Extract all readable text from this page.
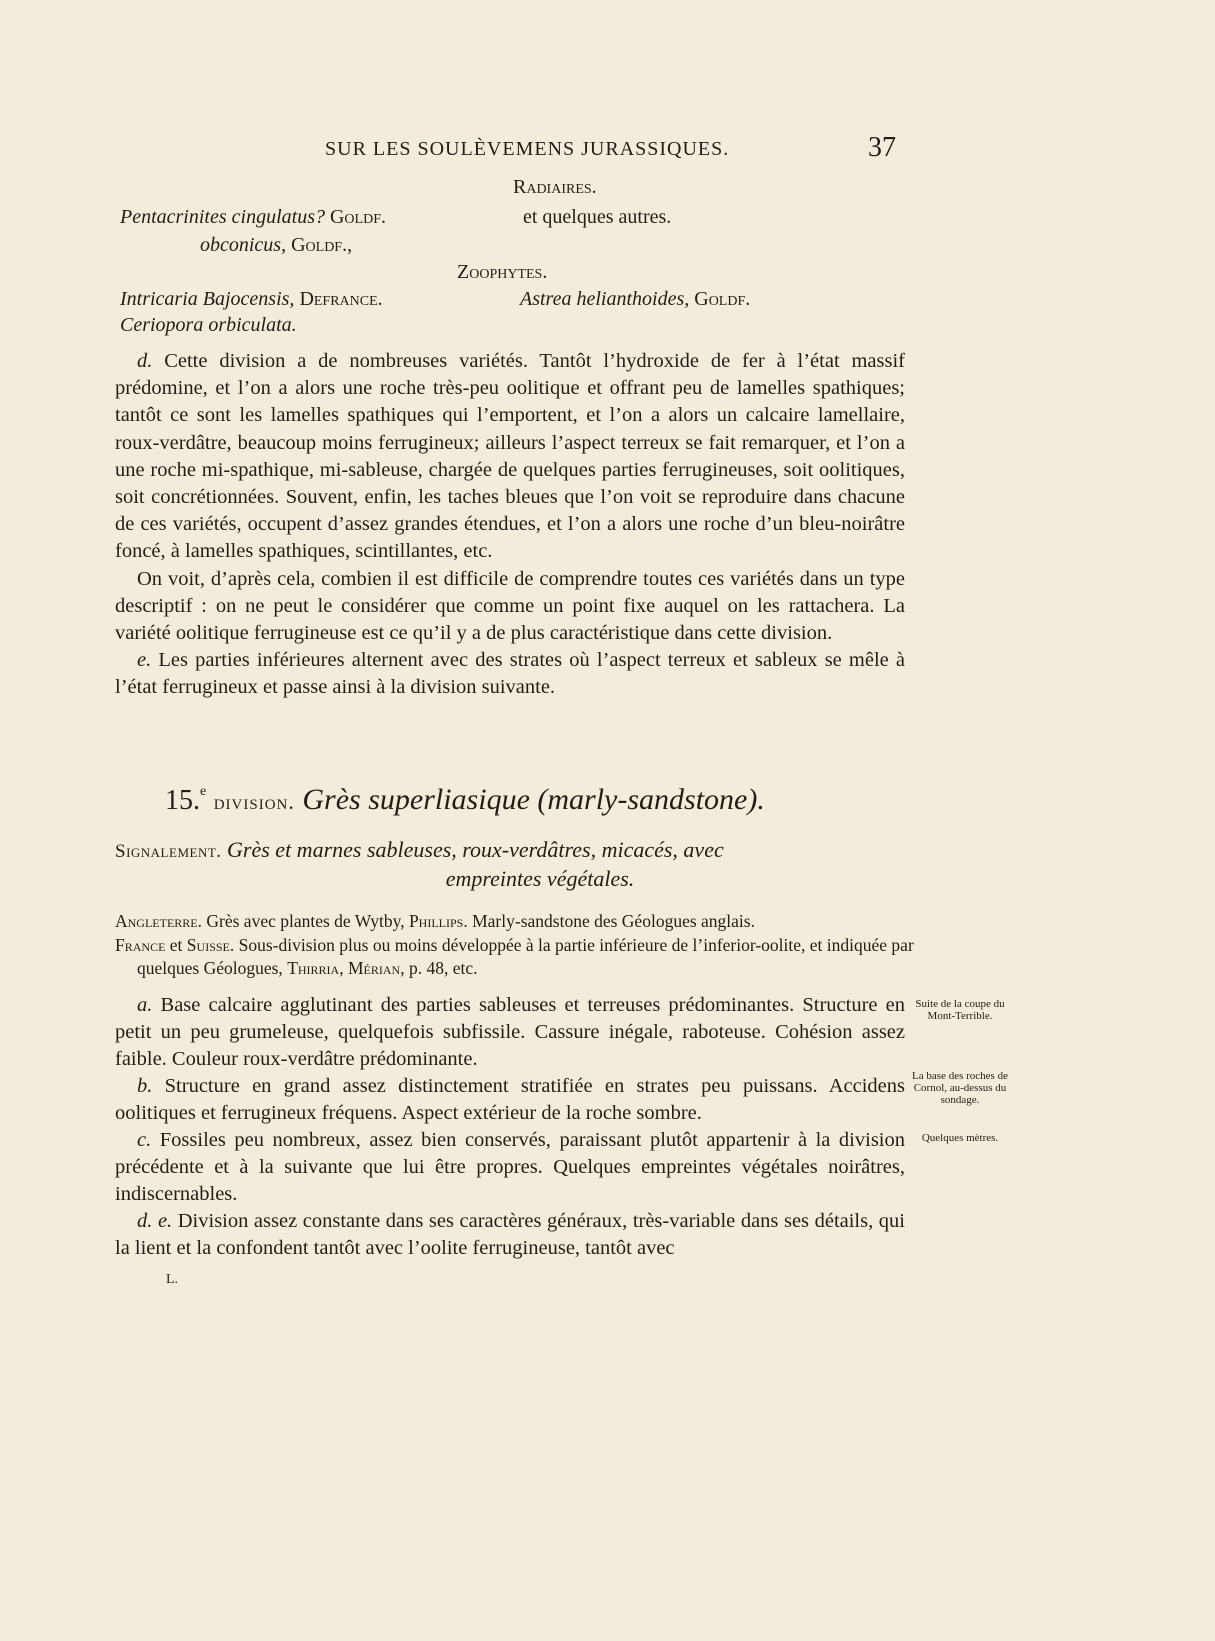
SUR LES SOULÈVEMENS JURASSIQUES.	37
Radiaires.
Pentacrinites cingulatus? Goldf.	et quelques autres.
obconicus, Goldf.,
Zoophytes.
Intricaria Bajocensis, Defrance.	Astrea helianthoides, Goldf.
Ceriopora orbiculata.

d. Cette division a de nombreuses variétés. Tantôt l’hydroxide de fer à l’état massif prédomine, et l’on a alors une roche très-peu oolitique et offrant peu de lamelles spathiques; tantôt ce sont les lamelles spathiques qui l’emportent, et l’on a alors un calcaire lamellaire, roux-verdâtre, beaucoup moins ferrugineux; ailleurs l’aspect terreux se fait remarquer, et l’on a une roche mi-spathique, mi-sableuse, chargée de quelques parties ferrugineuses, soit oolitiques, soit concrétionnées. Souvent, enfin, les taches bleues que l’on voit se reproduire dans chacune de ces variétés, occupent d’assez grandes étendues, et l’on a alors une roche d’un bleu-noirâtre foncé, à lamelles spathiques, scintillantes, etc.

On voit, d’après cela, combien il est difficile de comprendre toutes ces variétés dans un type descriptif : on ne peut le considérer que comme un point fixe auquel on les rattachera. La variété oolitique ferrugineuse est ce qu’il y a de plus caractéristique dans cette division.

e. Les parties inférieures alternent avec des strates où l’aspect terreux et sableux se mêle à l’état ferrugineux et passe ainsi à la division suivante.

15.$^e$ division. Grès superliasique (marly-sandstone).
Signalement. Grès et marnes sableuses, roux-verdâtres, micacés, avec
empreintes végétales.

Angleterre. Grès avec plantes de Wytby, Phillips. Marly-sandstone des Géologues anglais.

France et Suisse. Sous-division plus ou moins développée à la partie inférieure de l’inferior-oolite, et indiquée par quelques Géologues, Thirria, Mérian, p. 48, etc.

a. Base calcaire agglutinant des parties sableuses et terreuses prédominantes. Structure en petit un peu grumeleuse, quelquefois subfissile. Cassure inégale, raboteuse. Cohésion assez faible. Couleur roux-verdâtre prédominante.

b. Structure en grand assez distinctement stratifiée en strates peu puissans. Accidens oolitiques et ferrugineux fréquens. Aspect extérieur de la roche sombre.

c. Fossiles peu nombreux, assez bien conservés, paraissant plutôt appartenir à la division précédente et à la suivante que lui être propres. Quelques empreintes végétales noirâtres, indiscernables.

d. e. Division assez constante dans ses caractères généraux, très-variable dans ses détails, qui la lient et la confondent tantôt avec l’oolite ferrugineuse, tantôt avec

L.
Suite de la coupe du Mont-Terrible.
La base des roches de Cornol, au-dessus du sondage.
Quelques mètres.
